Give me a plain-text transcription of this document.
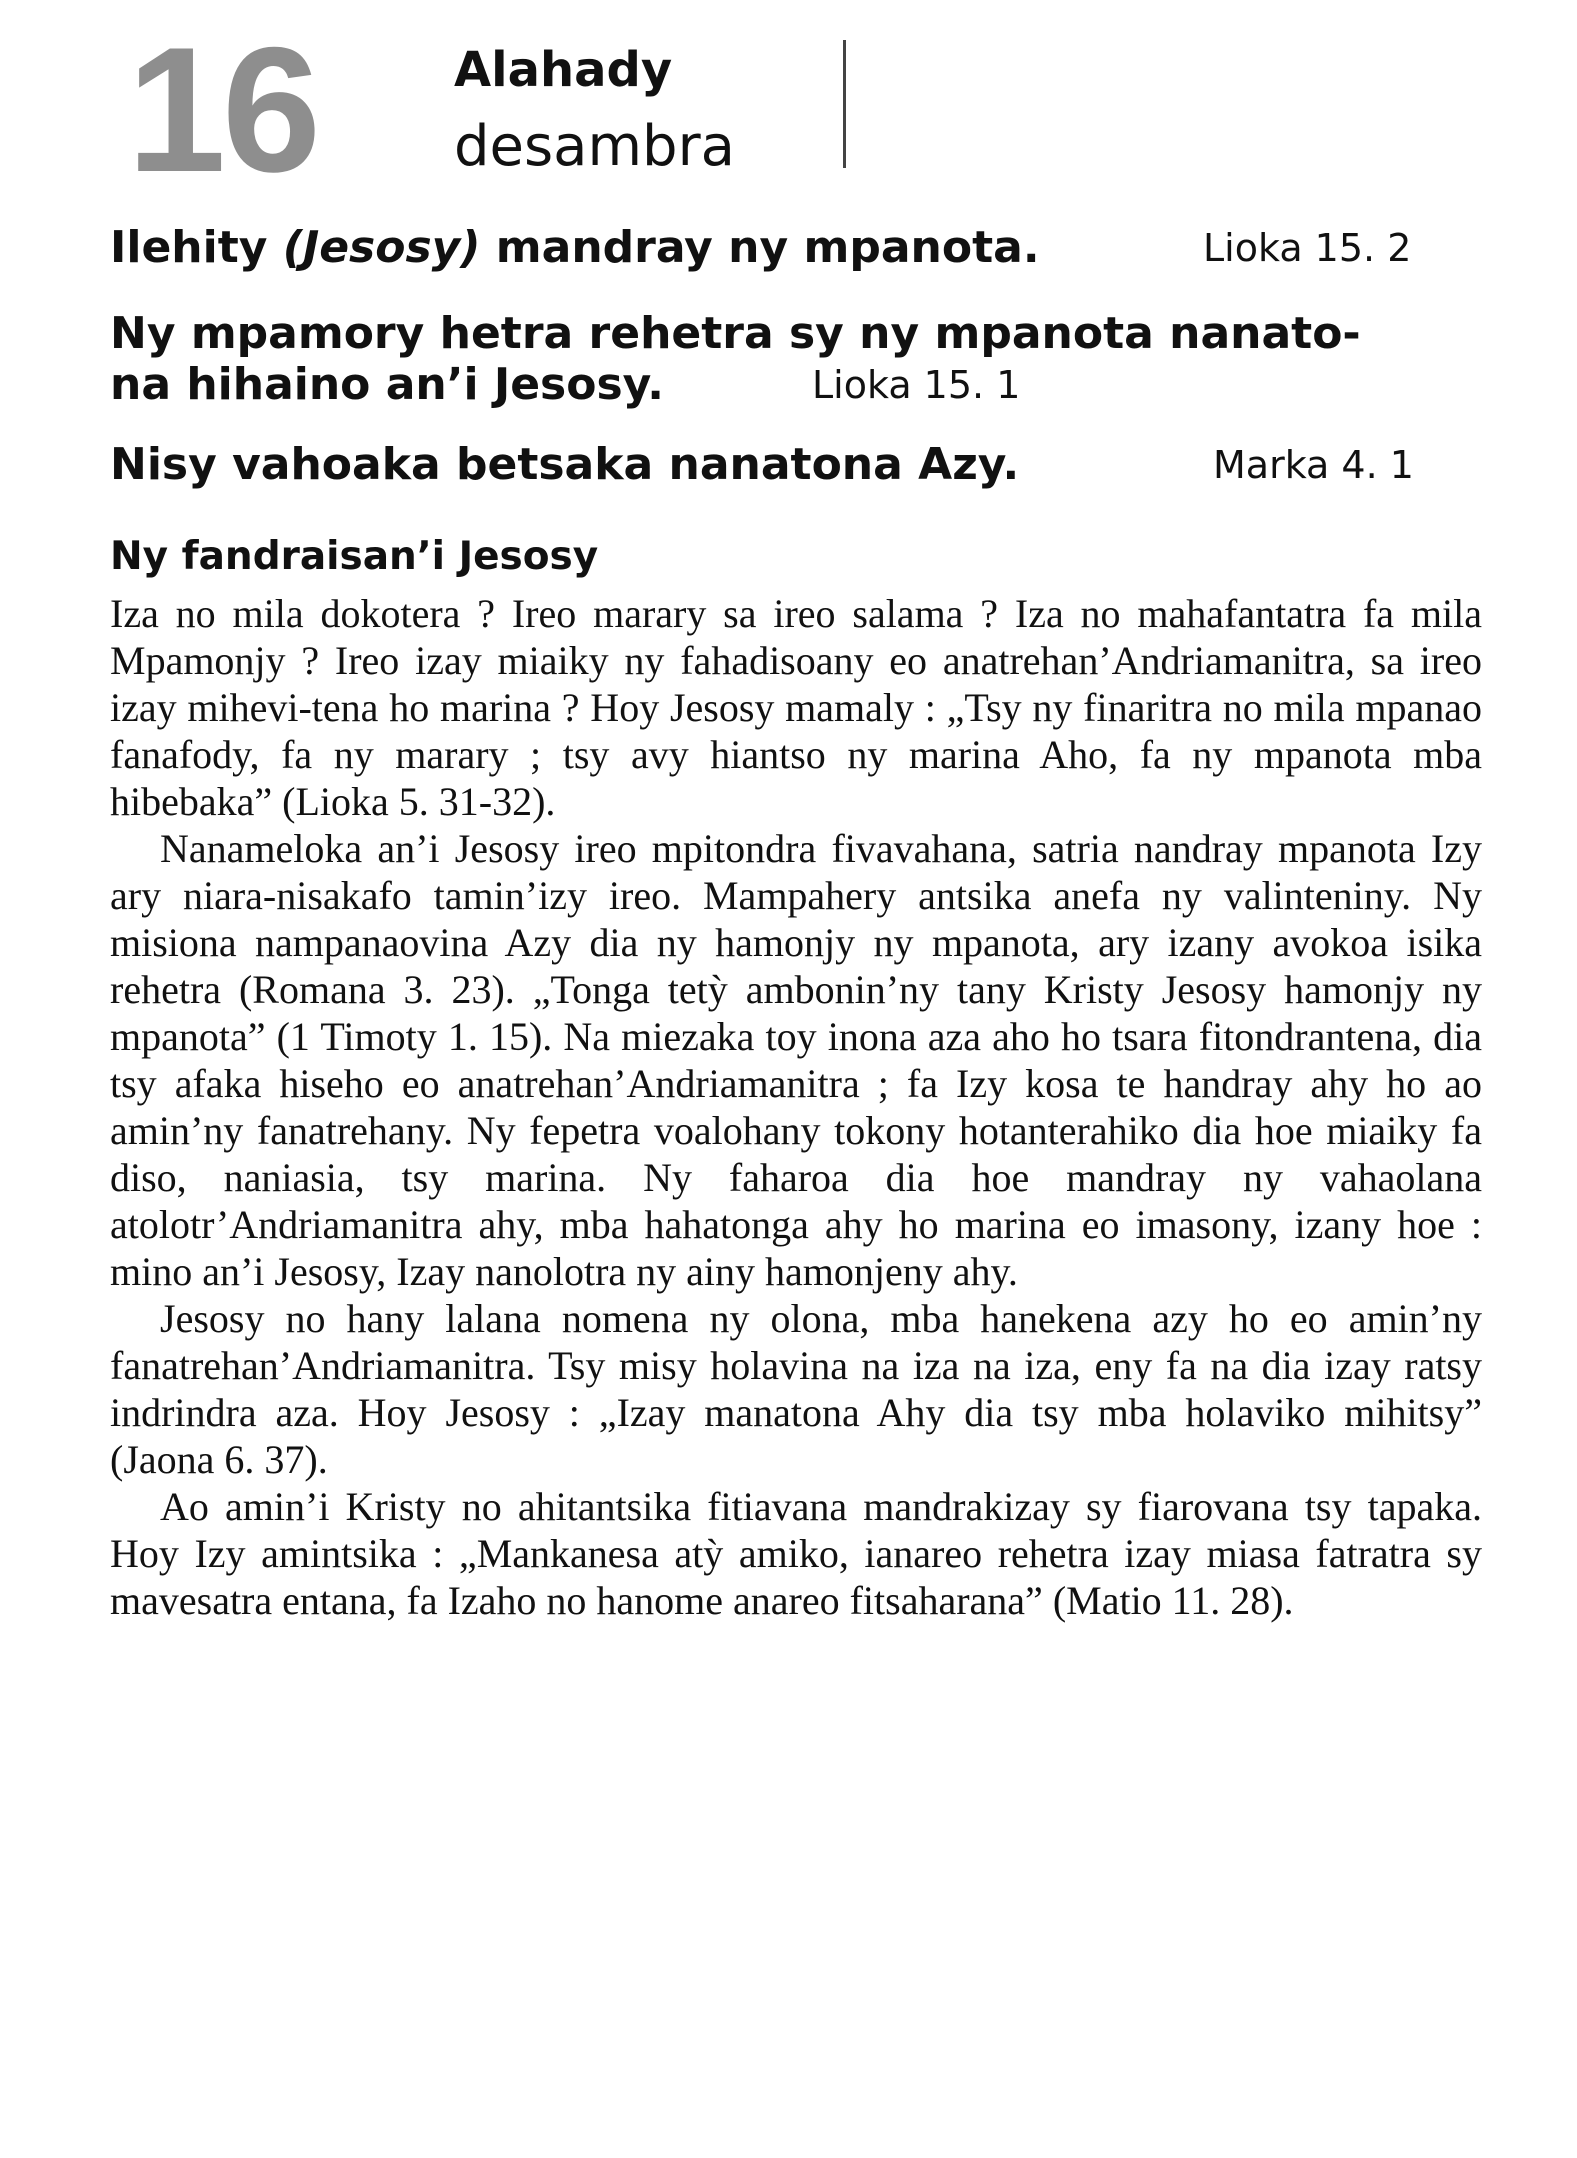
16	Alahady
desambra
Ilehity (Jesosy) mandray ny mpanota.	Lioka 15. 2
Ny mpamory hetra rehetra sy ny mpanota nanato-
na hihaino an’i Jesosy.	Lioka 15. 1
Nisy vahoaka betsaka nanatona Azy.	Marka 4. 1
Ny fandraisan’i Jesosy

Iza no mila dokotera ? Ireo marary sa ireo salama ? Iza no mahafantatra fa mila Mpamonjy ? Ireo izay miaiky ny fahadisoany eo anatrehan’Andriamanitra, sa ireo izay mihevi-tena ho marina ? Hoy Jesosy mamaly : „Tsy ny finaritra no mila mpanao fanafody, fa ny marary ; tsy avy hiantso ny marina Aho, fa ny mpanota mba hibebaka” (Lioka 5. 31-32).

Nanameloka an’i Jesosy ireo mpitondra fivavahana, satria nandray mpanota Izy ary niara-nisakafo tamin’izy ireo. Mampahery antsika anefa ny valinteniny. Ny misiona nampanaovina Azy dia ny hamonjy ny mpanota, ary izany avokoa isika rehetra (Romana 3. 23). „Tonga tetỳ ambonin’ny tany Kristy Jesosy hamonjy ny mpanota” (1 Timoty 1. 15). Na miezaka toy inona aza aho ho tsara fitondrantena, dia tsy afaka hiseho eo anatrehan’Andriamanitra ; fa Izy kosa te handray ahy ho ao amin’ny fanatrehany. Ny fepetra voalohany tokony hotanterahiko dia hoe miaiky fa diso, naniasia, tsy marina. Ny faharoa dia hoe mandray ny vahaolana atolotr’Andriamanitra ahy, mba hahatonga ahy ho marina eo imasony, izany hoe : mino an’i Jesosy, Izay nanolotra ny ainy hamonjeny ahy.

Jesosy no hany lalana nomena ny olona, mba hanekena azy ho eo amin’ny fanatrehan’Andriamanitra. Tsy misy holavina na iza na iza, eny fa na dia izay ratsy indrindra aza. Hoy Jesosy : „Izay manatona Ahy dia tsy mba holaviko mihitsy” (Jaona 6. 37).

Ao amin’i Kristy no ahitantsika fitiavana mandrakizay sy fiarovana tsy tapaka. Hoy Izy amintsika : „Mankanesa atỳ amiko, ianareo rehetra izay miasa fatratra sy mavesatra entana, fa Izaho no hanome anareo fitsaharana” (Matio 11. 28).
